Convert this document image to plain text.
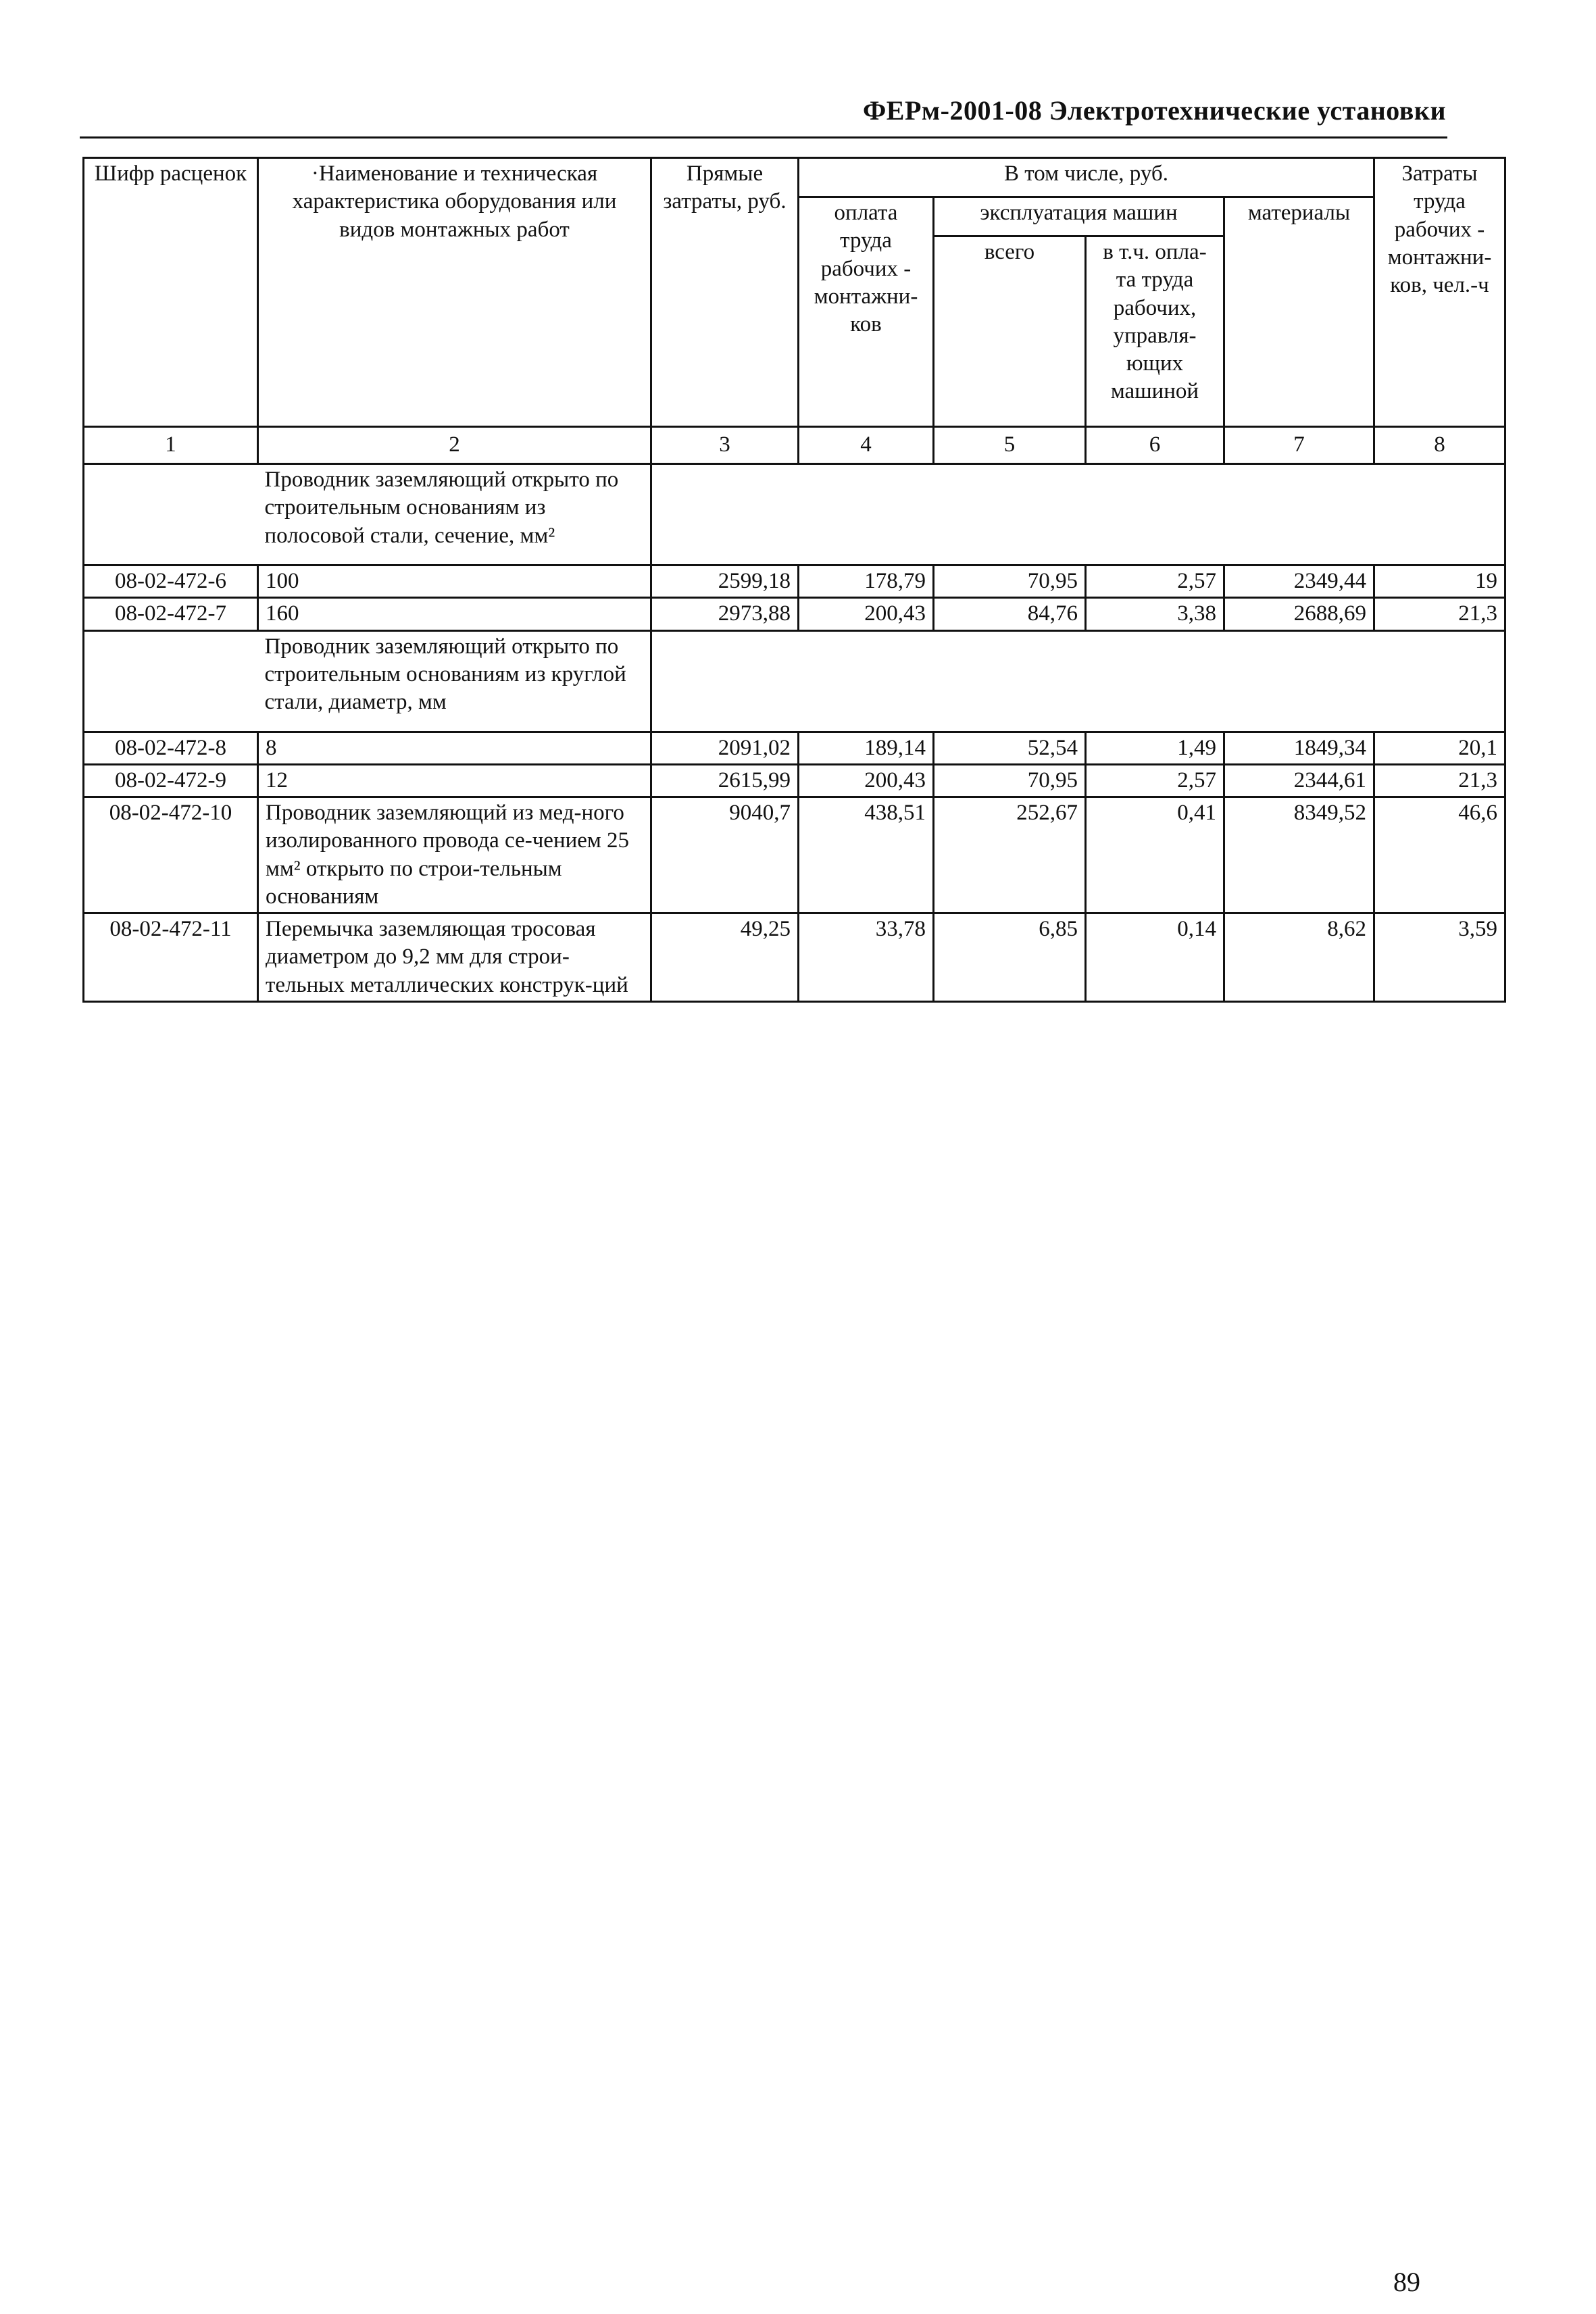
ФЕРм-2001-08 Электротехнические установки
Шифр расценок	·Наименование и техническая характеристика оборудования или видов монтажных работ	Прямые затраты, руб.	В том числе, руб.				Затраты труда рабочих - монтажни-ков, чел.-ч
			оплата труда рабочих - монтажни-ков	эксплуатация машин		материалы	
				всего	в т.ч. опла-та труда рабочих, управля-ющих машиной		
1	2	3	4	5	6	7	8
	Проводник заземляющий открыто по строительным основаниям из полосовой стали, сечение, мм²						
08-02-472-6	100	2599,18	178,79	70,95	2,57	2349,44	19
08-02-472-7	160	2973,88	200,43	84,76	3,38	2688,69	21,3
	Проводник заземляющий открыто по строительным основаниям из круглой стали, диаметр, мм						
08-02-472-8	8	2091,02	189,14	52,54	1,49	1849,34	20,1
08-02-472-9	12	2615,99	200,43	70,95	2,57	2344,61	21,3
08-02-472-10	Проводник заземляющий из мед-ного изолированного провода се-чением 25 мм² открыто по строи-тельным основаниям	9040,7	438,51	252,67	0,41	8349,52	46,6
08-02-472-11	Перемычка заземляющая тросовая диаметром до 9,2 мм для строи-тельных металлических конструк-ций	49,25	33,78	6,85	0,14	8,62	3,59
89
